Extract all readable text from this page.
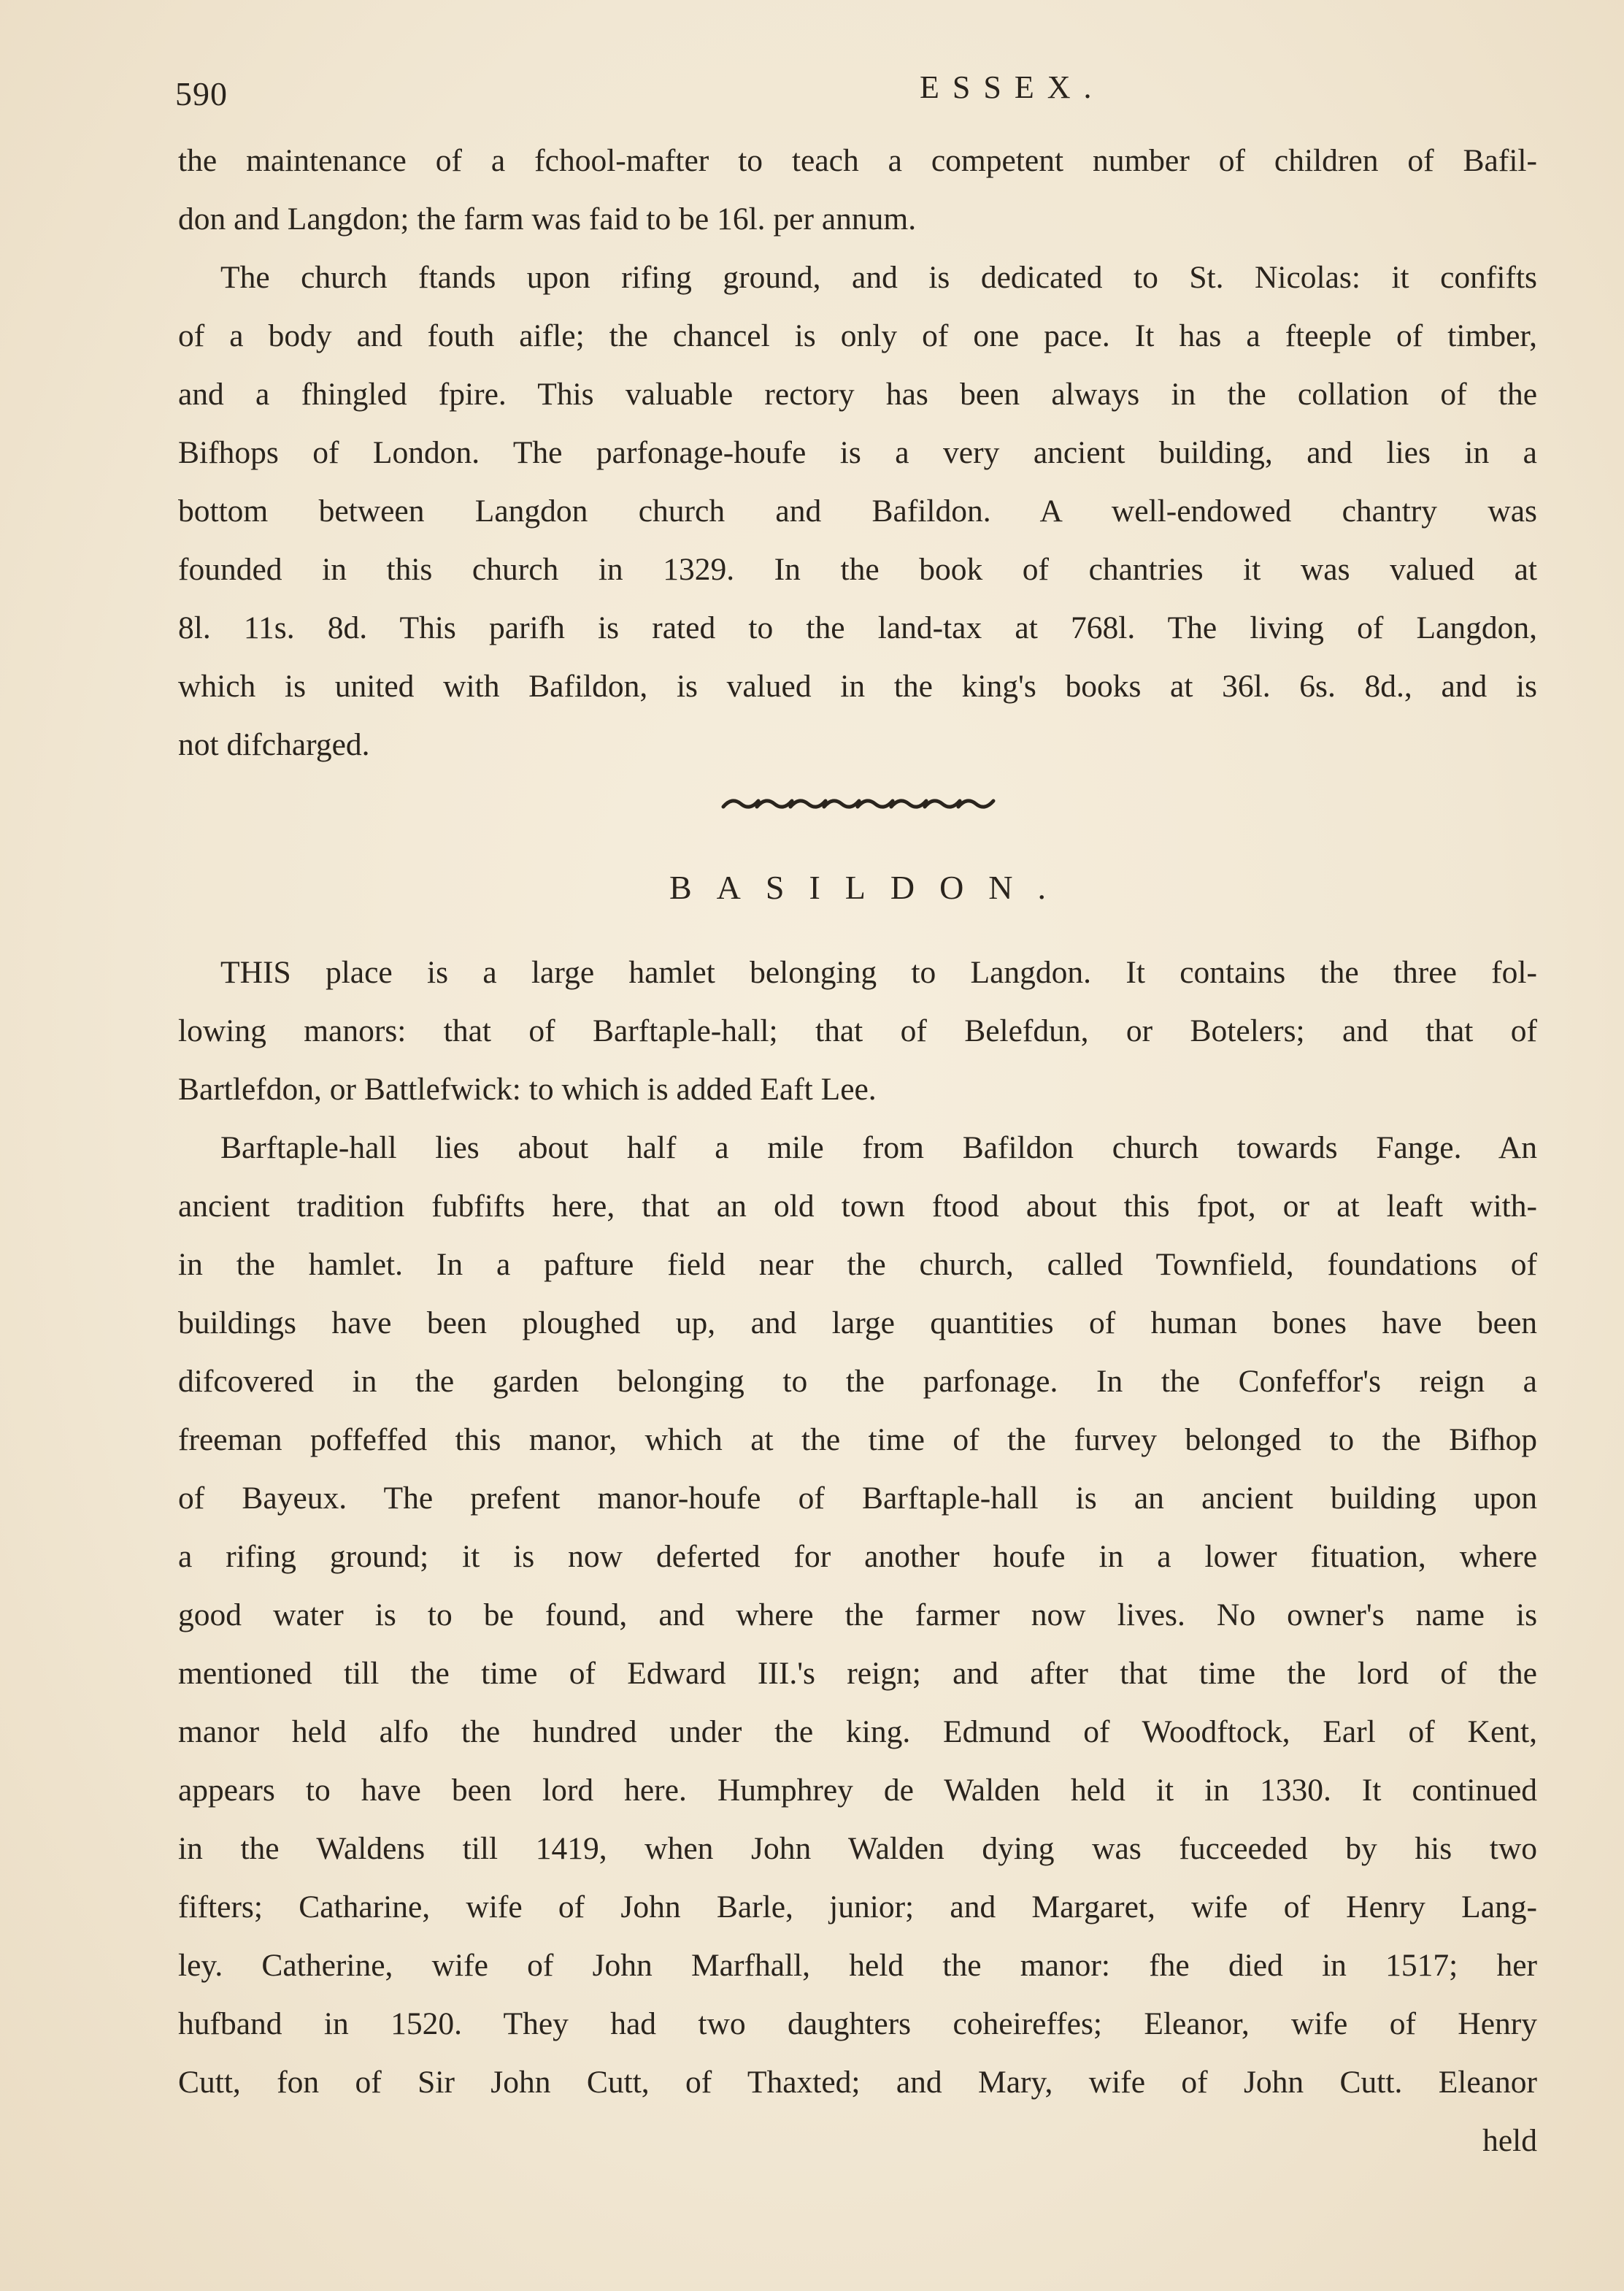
590	ESSEX.
the maintenance of a fchool-mafter to teach a competent number of children of Bafil-
don and Langdon; the farm was faid to be 16l. per annum.
The church ftands upon rifing ground, and is dedicated to St. Nicolas: it confifts
of a body and fouth aifle; the chancel is only of one pace. It has a fteeple of timber,
and a fhingled fpire. This valuable rectory has been always in the collation of the
Bifhops of London. The parfonage-houfe is a very ancient building, and lies in a
bottom between Langdon church and Bafildon. A well-endowed chantry was
founded in this church in 1329. In the book of chantries it was valued at
8l. 11s. 8d. This parifh is rated to the land-tax at 768l. The living of Langdon,
which is united with Bafildon, is valued in the king's books at 36l. 6s. 8d., and is
not difcharged.
BASILDON.
THIS place is a large hamlet belonging to Langdon. It contains the three fol-
lowing manors: that of Barftaple-hall; that of Belefdun, or Botelers; and that of
Bartlefdon, or Battlefwick: to which is added Eaft Lee.
Barftaple-hall lies about half a mile from Bafildon church towards Fange. An
ancient tradition fubfifts here, that an old town ftood about this fpot, or at leaft with-
in the hamlet. In a pafture field near the church, called Townfield, foundations of
buildings have been ploughed up, and large quantities of human bones have been
difcovered in the garden belonging to the parfonage. In the Confeffor's reign a
freeman poffeffed this manor, which at the time of the furvey belonged to the Bifhop
of Bayeux. The prefent manor-houfe of Barftaple-hall is an ancient building upon
a rifing ground; it is now deferted for another houfe in a lower fituation, where
good water is to be found, and where the farmer now lives. No owner's name is
mentioned till the time of Edward III.'s reign; and after that time the lord of the
manor held alfo the hundred under the king. Edmund of Woodftock, Earl of Kent,
appears to have been lord here. Humphrey de Walden held it in 1330. It continued
in the Waldens till 1419, when John Walden dying was fucceeded by his two
fifters; Catharine, wife of John Barle, junior; and Margaret, wife of Henry Lang-
ley. Catherine, wife of John Marfhall, held the manor: fhe died in 1517; her
hufband in 1520. They had two daughters coheireffes; Eleanor, wife of Henry
Cutt, fon of Sir John Cutt, of Thaxted; and Mary, wife of John Cutt. Eleanor
held
